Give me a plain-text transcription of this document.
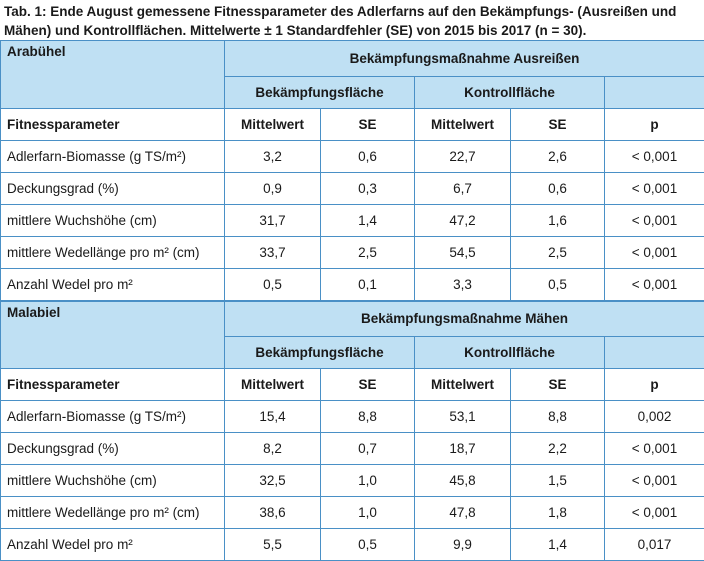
Tab. 1: Ende August gemessene Fitnessparameter des Adlerfarns auf den Bekämpfungs- (Ausreißen und Mähen) und Kontrollflächen. Mittelwerte ± 1 Standardfehler (SE) von 2015 bis 2017 (n = 30).
Arabühel	Bekämpfungsmaßnahme Ausreißen				
	Bekämpfungsfläche		Kontrollfläche		
Fitnessparameter	Mittelwert	SE	Mittelwert	SE	p
Adlerfarn-Biomasse (g TS/m²)	3,2	0,6	22,7	2,6	< 0,001
Deckungsgrad (%)	0,9	0,3	6,7	0,6	< 0,001
mittlere Wuchshöhe (cm)	31,7	1,4	47,2	1,6	< 0,001
mittlere Wedellänge pro m² (cm)	33,7	2,5	54,5	2,5	< 0,001
Anzahl Wedel pro m²	0,5	0,1	3,3	0,5	< 0,001
Malabiel	Bekämpfungsmaßnahme Mähen				
	Bekämpfungsfläche		Kontrollfläche		
Fitnessparameter	Mittelwert	SE	Mittelwert	SE	p
Adlerfarn-Biomasse (g TS/m²)	15,4	8,8	53,1	8,8	0,002
Deckungsgrad (%)	8,2	0,7	18,7	2,2	< 0,001
mittlere Wuchshöhe (cm)	32,5	1,0	45,8	1,5	< 0,001
mittlere Wedellänge pro m² (cm)	38,6	1,0	47,8	1,8	< 0,001
Anzahl Wedel pro m²	5,5	0,5	9,9	1,4	0,017
